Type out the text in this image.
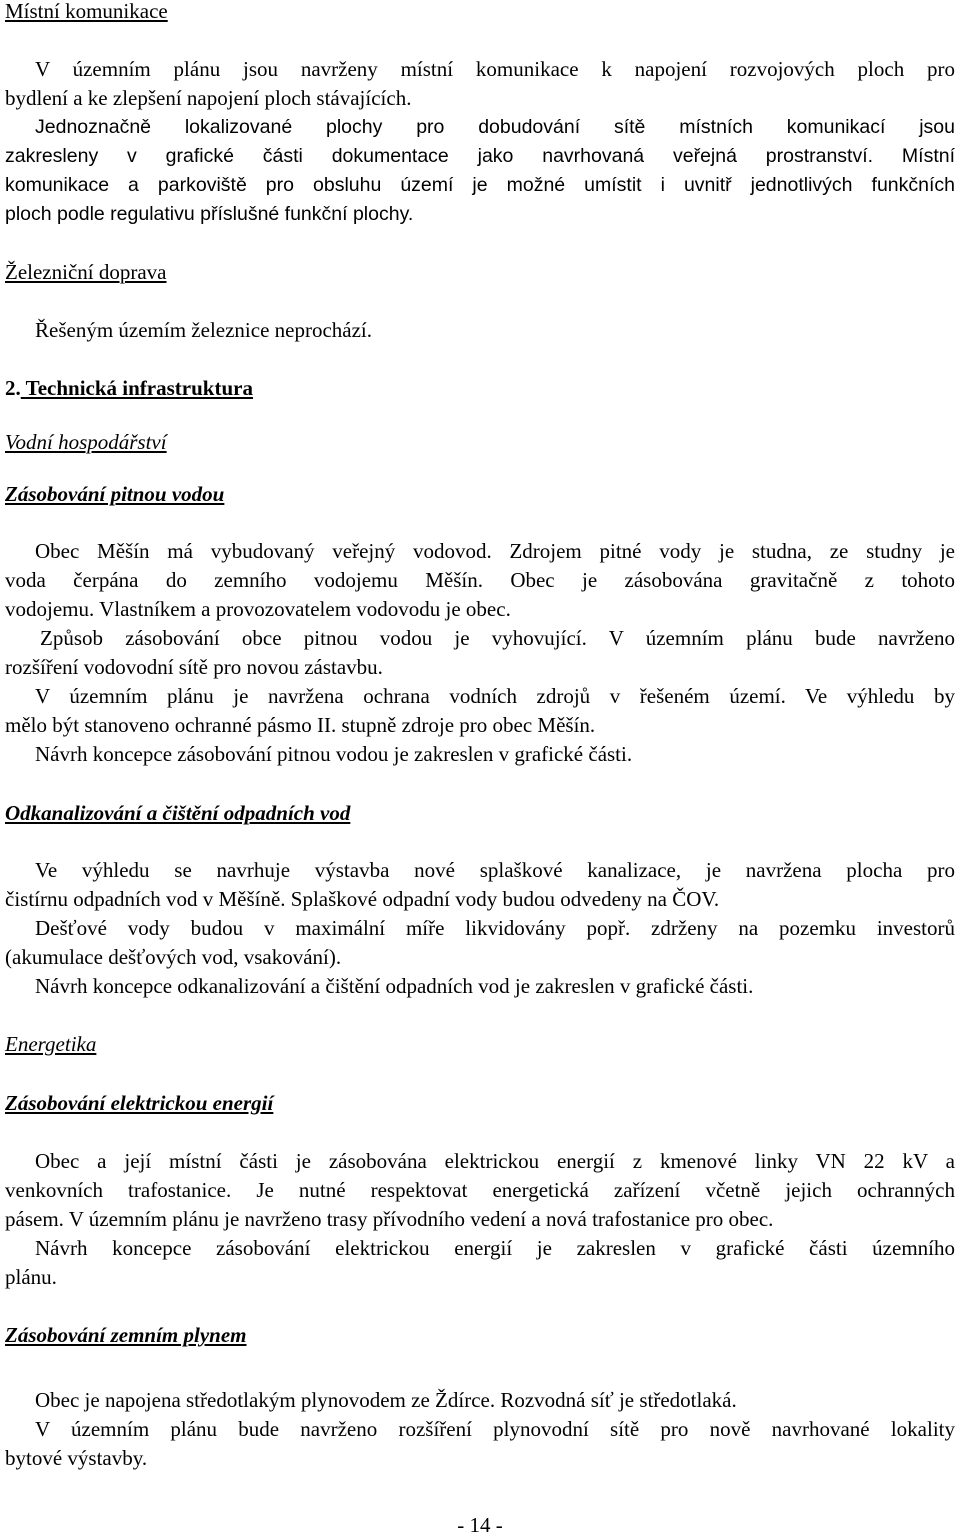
Místní komunikace
V územním plánu jsou navrženy místní komunikace k napojení rozvojových ploch pro
bydlení a ke zlepšení napojení ploch stávajících.
Jednoznačně lokalizované plochy pro dobudování sítě místních komunikací jsou
zakresleny v grafické části dokumentace jako navrhovaná veřejná prostranství. Místní
komunikace a parkoviště pro obsluhu území je možné umístit i uvnitř jednotlivých funkčních
ploch podle regulativu příslušné funkční plochy.
Železniční doprava
Řešeným územím železnice neprochází.
2. Technická infrastruktura
Vodní hospodářství
Zásobování pitnou vodou
Obec Měšín má vybudovaný veřejný vodovod. Zdrojem pitné vody je studna, ze studny je
voda čerpána do zemního vodojemu Měšín. Obec je zásobována gravitačně z tohoto
vodojemu. Vlastníkem a provozovatelem vodovodu je obec.
Způsob zásobování obce pitnou vodou je vyhovující. V územním plánu bude navrženo
rozšíření vodovodní sítě pro novou zástavbu.
V územním plánu je navržena ochrana vodních zdrojů v řešeném území. Ve výhledu by
mělo být stanoveno ochranné pásmo II. stupně zdroje pro obec Měšín.
Návrh koncepce zásobování pitnou vodou je zakreslen v grafické části.
Odkanalizování a čištění odpadních vod
Ve výhledu se navrhuje výstavba nové splaškové kanalizace, je navržena plocha pro
čistírnu odpadních vod v Měšíně. Splaškové odpadní vody budou odvedeny na ČOV.
Dešťové vody budou v maximální míře likvidovány popř. zdrženy na pozemku investorů
(akumulace dešťových vod, vsakování).
Návrh koncepce odkanalizování a čištění odpadních vod je zakreslen v grafické části.
Energetika
Zásobování elektrickou energií
Obec a její místní části je zásobována elektrickou energií z kmenové linky VN 22 kV a
venkovních trafostanice. Je nutné respektovat energetická zařízení včetně jejich ochranných
pásem. V územním plánu je navrženo trasy přívodního vedení a nová trafostanice pro obec.
Návrh koncepce zásobování elektrickou energií je zakreslen v grafické části územního
plánu.
Zásobování zemním plynem
Obec je napojena středotlakým plynovodem ze Ždírce. Rozvodná síť je středotlaká.
V územním plánu bude navrženo rozšíření plynovodní sítě pro nově navrhované lokality
bytové výstavby.
- 14 -
